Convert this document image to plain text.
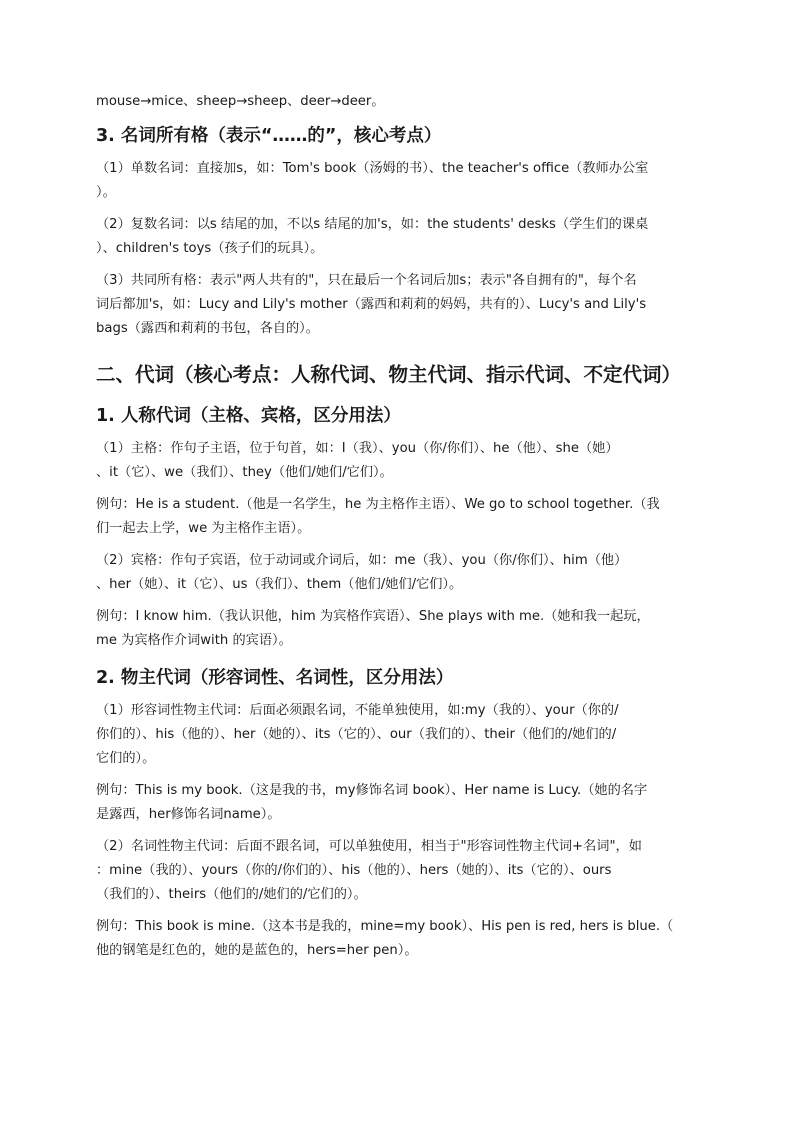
mouse→mice、sheep→sheep、deer→deer。

3. 名词所有格（表示“……的”，核心考点）

（1）单数名词：直接加s，如：Tom's book（汤姆的书）、the teacher's office（教师办公室

）。

（2）复数名词：以s 结尾的加，不以s 结尾的加's，如：the students' desks（学生们的课桌

）、children's toys（孩子们的玩具）。

（3）共同所有格：表示"两人共有的"，只在最后一个名词后加s；表示"各自拥有的"，每个名

词后都加's，如：Lucy and Lily's mother（露西和莉莉的妈妈，共有的）、Lucy's and Lily's

bags（露西和莉莉的书包，各自的）。

二、代词（核心考点：人称代词、物主代词、指示代词、不定代词）

1. 人称代词（主格、宾格，区分用法）

（1）主格：作句子主语，位于句首，如：I（我）、you（你/你们）、he（他）、she（她）

、it（它）、we（我们）、they（他们/她们/它们）。

例句：He is a student.（他是一名学生，he 为主格作主语）、We go to school together.（我

们一起去上学，we 为主格作主语）。

（2）宾格：作句子宾语，位于动词或介词后，如：me（我）、you（你/你们）、him（他）

、her（她）、it（它）、us（我们）、them（他们/她们/它们）。

例句：I know him.（我认识他，him 为宾格作宾语）、She plays with me.（她和我一起玩，

me 为宾格作介词with 的宾语）。

2. 物主代词（形容词性、名词性，区分用法）

（1）形容词性物主代词：后面必须跟名词，不能单独使用，如:my（我的）、your（你的/

你们的）、his（他的）、her（她的）、its（它的）、our（我们的）、their（他们的/她们的/

它们的）。

例句：This is my book.（这是我的书，my修饰名词 book）、Her name is Lucy.（她的名字

是露西，her修饰名词name）。

（2）名词性物主代词：后面不跟名词，可以单独使用，相当于"形容词性物主代词+名词"，如

：mine（我的）、yours（你的/你们的）、his（他的）、hers（她的）、its（它的）、ours

（我们的）、theirs（他们的/她们的/它们的）。

例句：This book is mine.（这本书是我的，mine=my book）、His pen is red, hers is blue.（

他的钢笔是红色的，她的是蓝色的，hers=her pen）。
